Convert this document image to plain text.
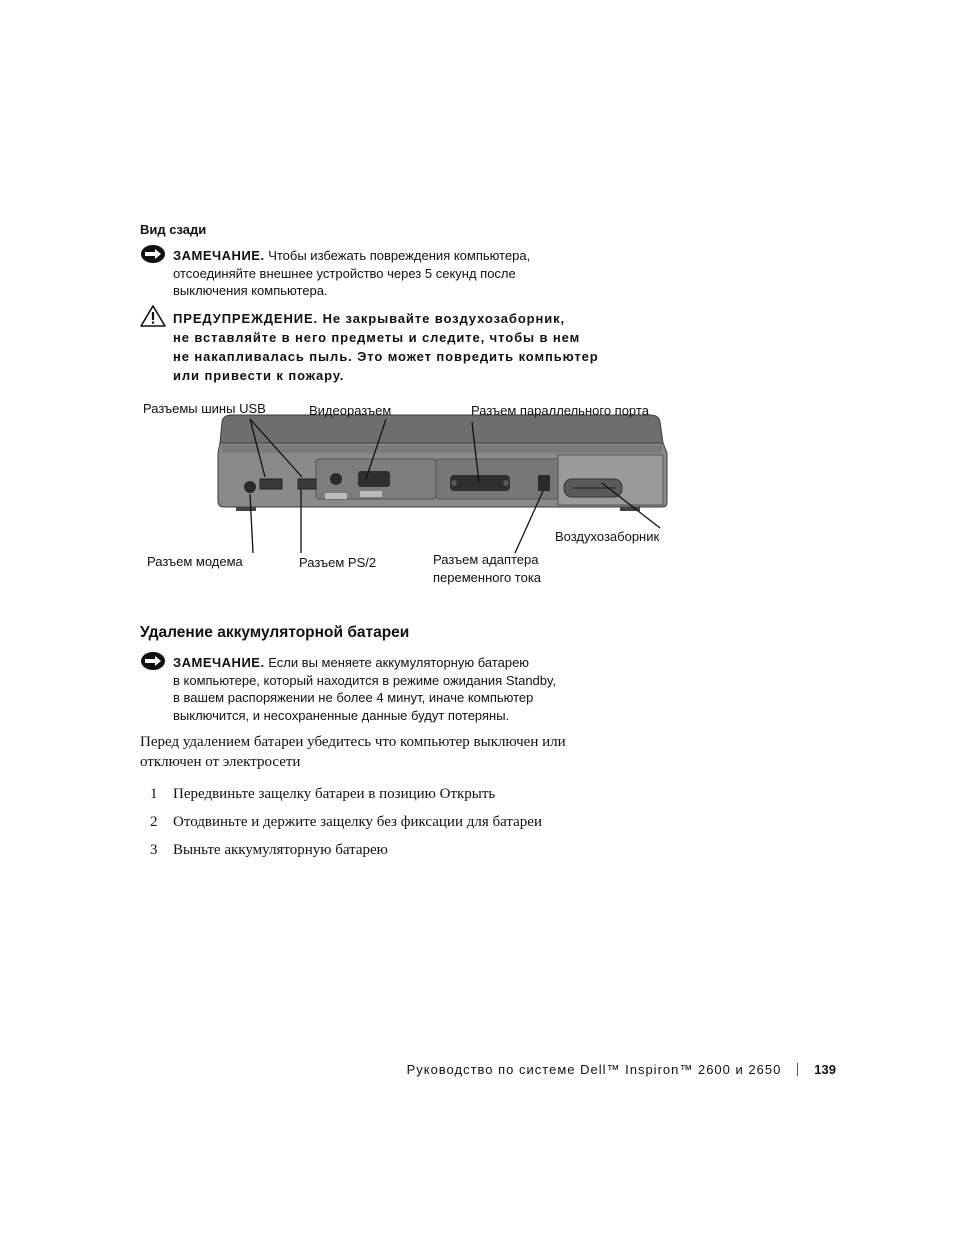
Вид сзади
ЗАМЕЧАНИЕ. Чтобы избежать повреждения компьютера,
отсоединяйте внешнее устройство через 5 секунд после
выключения компьютера.
ПРЕДУПРЕЖДЕНИЕ. Не закрывайте воздухозаборник,
не вставляйте в него предметы и следите, чтобы в нем
не накапливалась пыль. Это может повредить компьютер
или привести к пожару.
Разъемы шины USB	Видеоразъем	Разъем параллельного порта
Разъем модема	Разъем PS/2	Разъем адаптера
переменного тока
Воздухозаборник
Удаление аккумуляторной батареи
ЗАМЕЧАНИЕ. Если вы меняете аккумуляторную батарею
в компьютере, который находится в режиме ожидания Standby,
в вашем распоряжении не более 4 минут, иначе компьютер
выключится, и несохраненные данные будут потеряны.
Перед удалением батареи убедитесь что компьютер выключен или
отключен от электросети
1 Передвиньте защелку батареи в позицию Открыть
2 Отодвиньте и держите защелку без фиксации для батареи
3 Выньте аккумуляторную батарею
Руководство по системе Dell™ Inspiron™ 2600 и 2650	139
